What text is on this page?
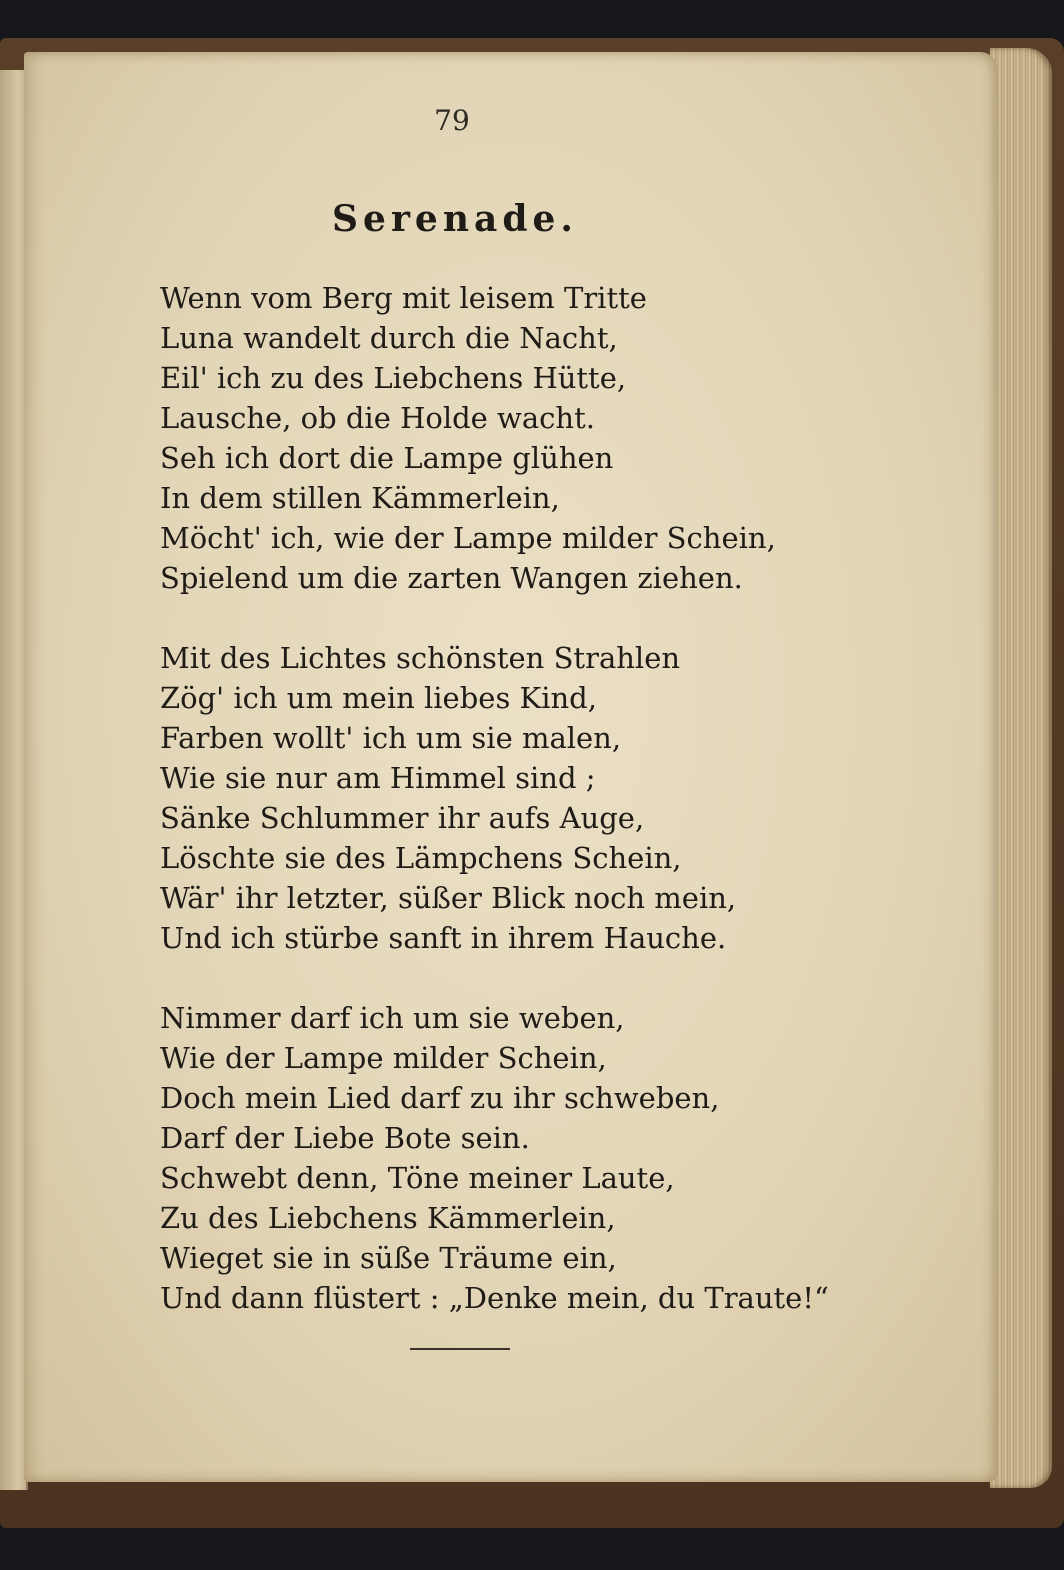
79
Serenade.
Wenn vom Berg mit leisem Tritte
Luna wandelt durch die Nacht,
Eil' ich zu des Liebchens Hütte,
Lausche, ob die Holde wacht.
Seh ich dort die Lampe glühen
In dem stillen Kämmerlein,
Möcht' ich, wie der Lampe milder Schein,
Spielend um die zarten Wangen ziehen.
Mit des Lichtes schönsten Strahlen
Zög' ich um mein liebes Kind,
Farben wollt' ich um sie malen,
Wie sie nur am Himmel sind ;
Sänke Schlummer ihr aufs Auge,
Löschte sie des Lämpchens Schein,
Wär' ihr letzter, süßer Blick noch mein,
Und ich stürbe sanft in ihrem Hauche.
Nimmer darf ich um sie weben,
Wie der Lampe milder Schein,
Doch mein Lied darf zu ihr schweben,
Darf der Liebe Bote sein.
Schwebt denn, Töne meiner Laute,
Zu des Liebchens Kämmerlein,
Wieget sie in süße Träume ein,
Und dann flüstert : „Denke mein, du Traute!“
